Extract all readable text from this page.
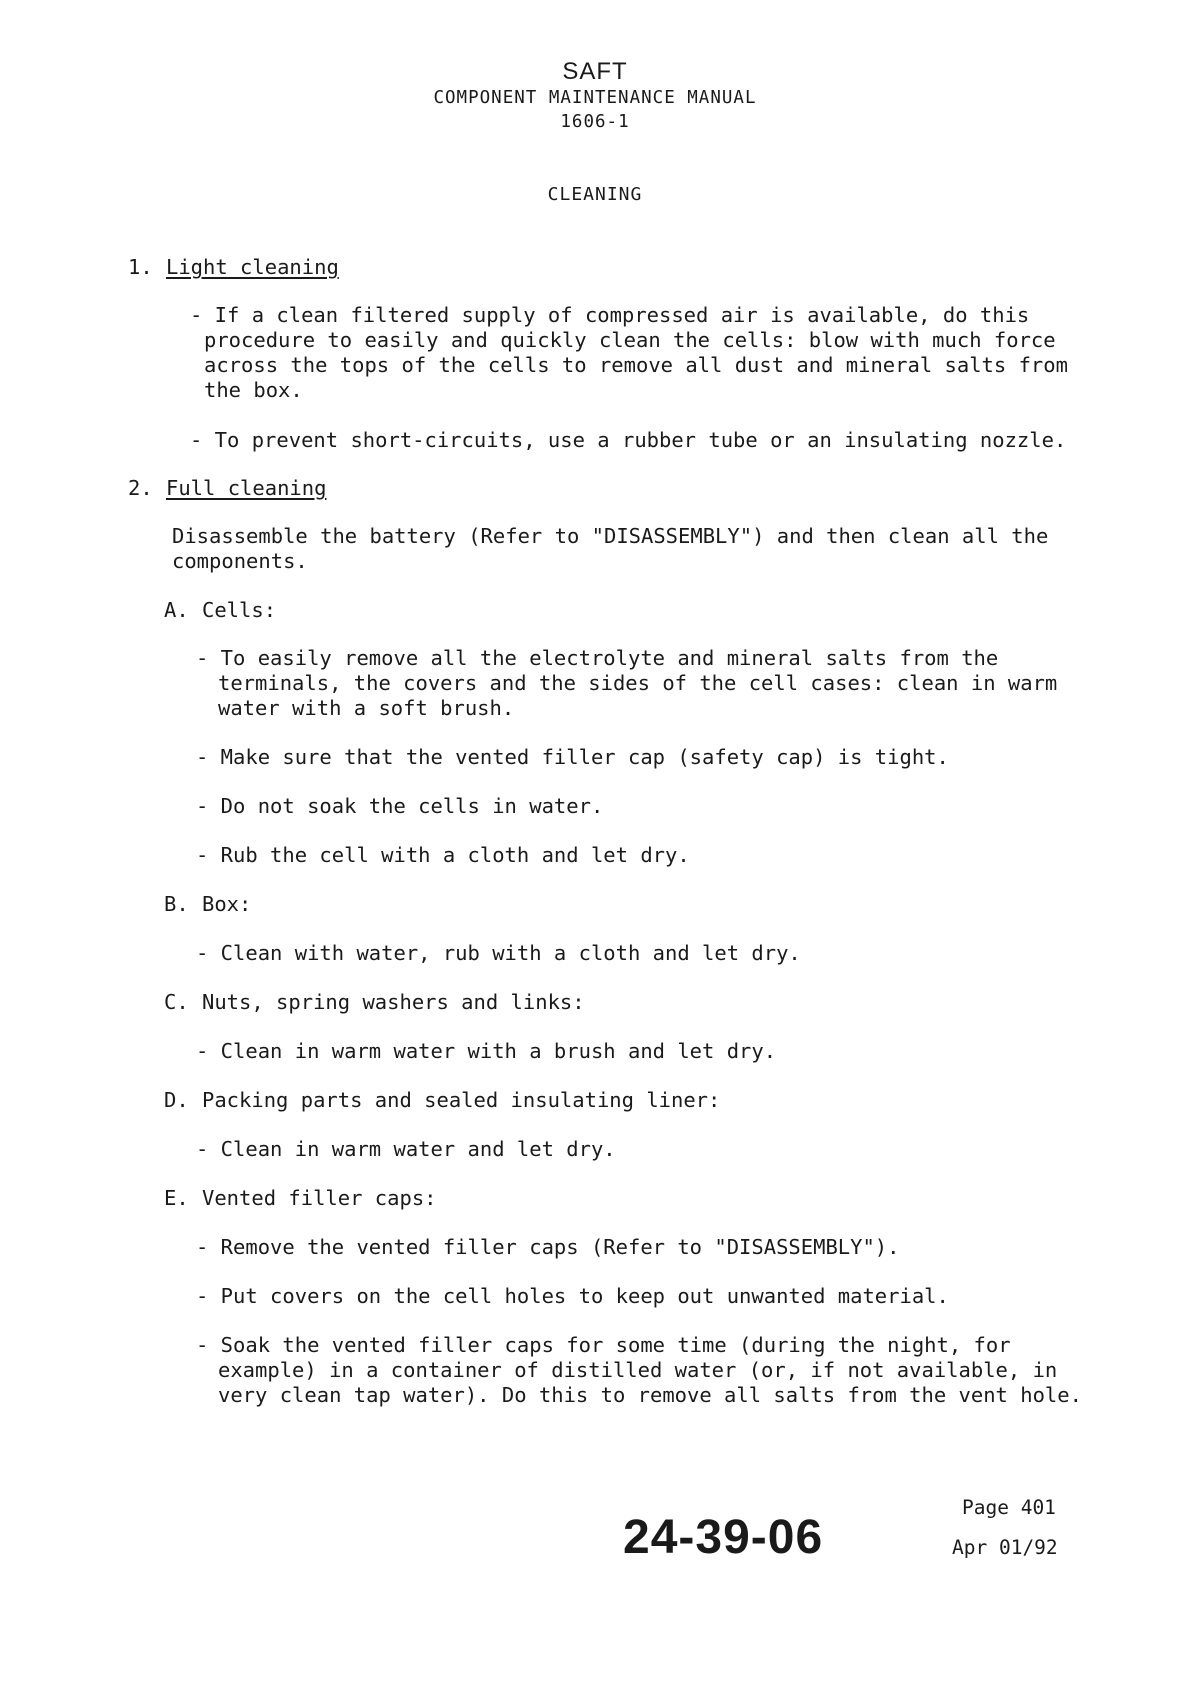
SAFT
COMPONENT MAINTENANCE MANUAL
1606-1
CLEANING
1. Light cleaning
- If a clean filtered supply of compressed air is available, do this procedure to easily and quickly clean the cells: blow with much force across the tops of the cells to remove all dust and mineral salts from the box.
- To prevent short-circuits, use a rubber tube or an insulating nozzle.
2. Full cleaning
Disassemble the battery (Refer to "DISASSEMBLY") and then clean all the components.
A. Cells:
- To easily remove all the electrolyte and mineral salts from the terminals, the covers and the sides of the cell cases: clean in warm water with a soft brush.
- Make sure that the vented filler cap (safety cap) is tight.
- Do not soak the cells in water.
- Rub the cell with a cloth and let dry.
B. Box:
- Clean with water, rub with a cloth and let dry.
C. Nuts, spring washers and links:
- Clean in warm water with a brush and let dry.
D. Packing parts and sealed insulating liner:
- Clean in warm water and let dry.
E. Vented filler caps:
- Remove the vented filler caps (Refer to "DISASSEMBLY").
- Put covers on the cell holes to keep out unwanted material.
- Soak the vented filler caps for some time (during the night, for example) in a container of distilled water (or, if not available, in very clean tap water). Do this to remove all salts from the vent hole.
24-39-06
Page 401
Apr 01/92
